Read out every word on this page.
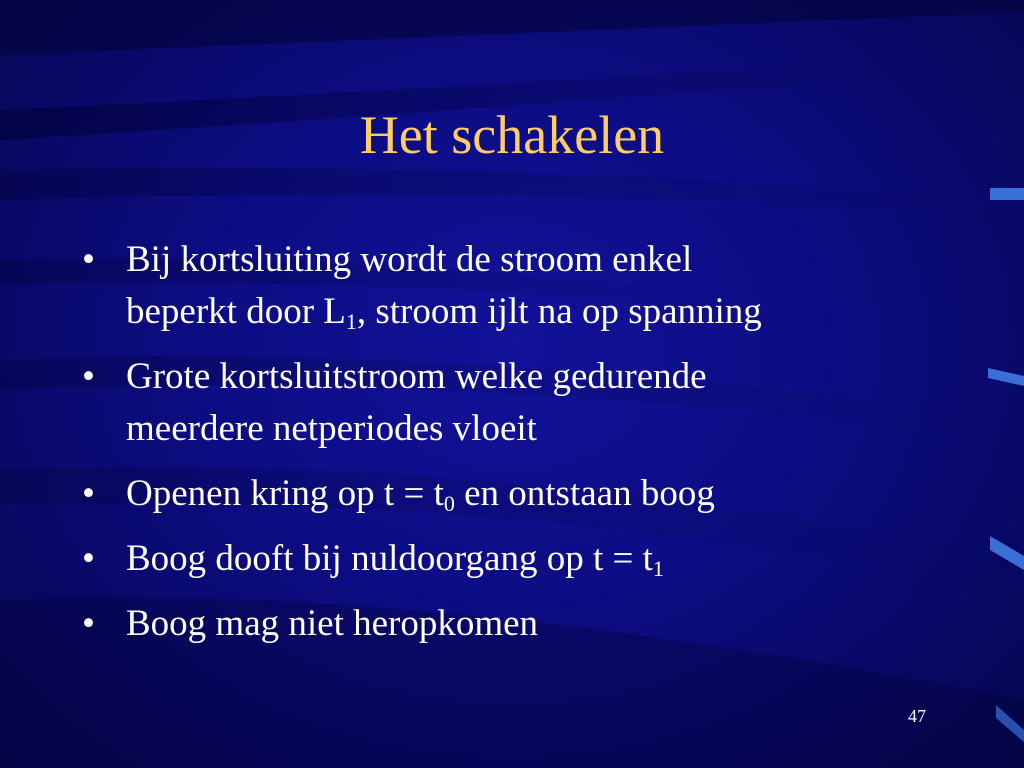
Het schakelen
• Bij kortsluiting wordt de stroom enkel
beperkt door $L_1$, stroom ijlt na op spanning
• Grote kortsluitstroom welke gedurende
meerdere netperiodes vloeit
• Openen kring op $t = t_0$ en ontstaan boog
• Boog dooft bij nuldoorgang op $t = t_1$
• Boog mag niet heropkomen
47
